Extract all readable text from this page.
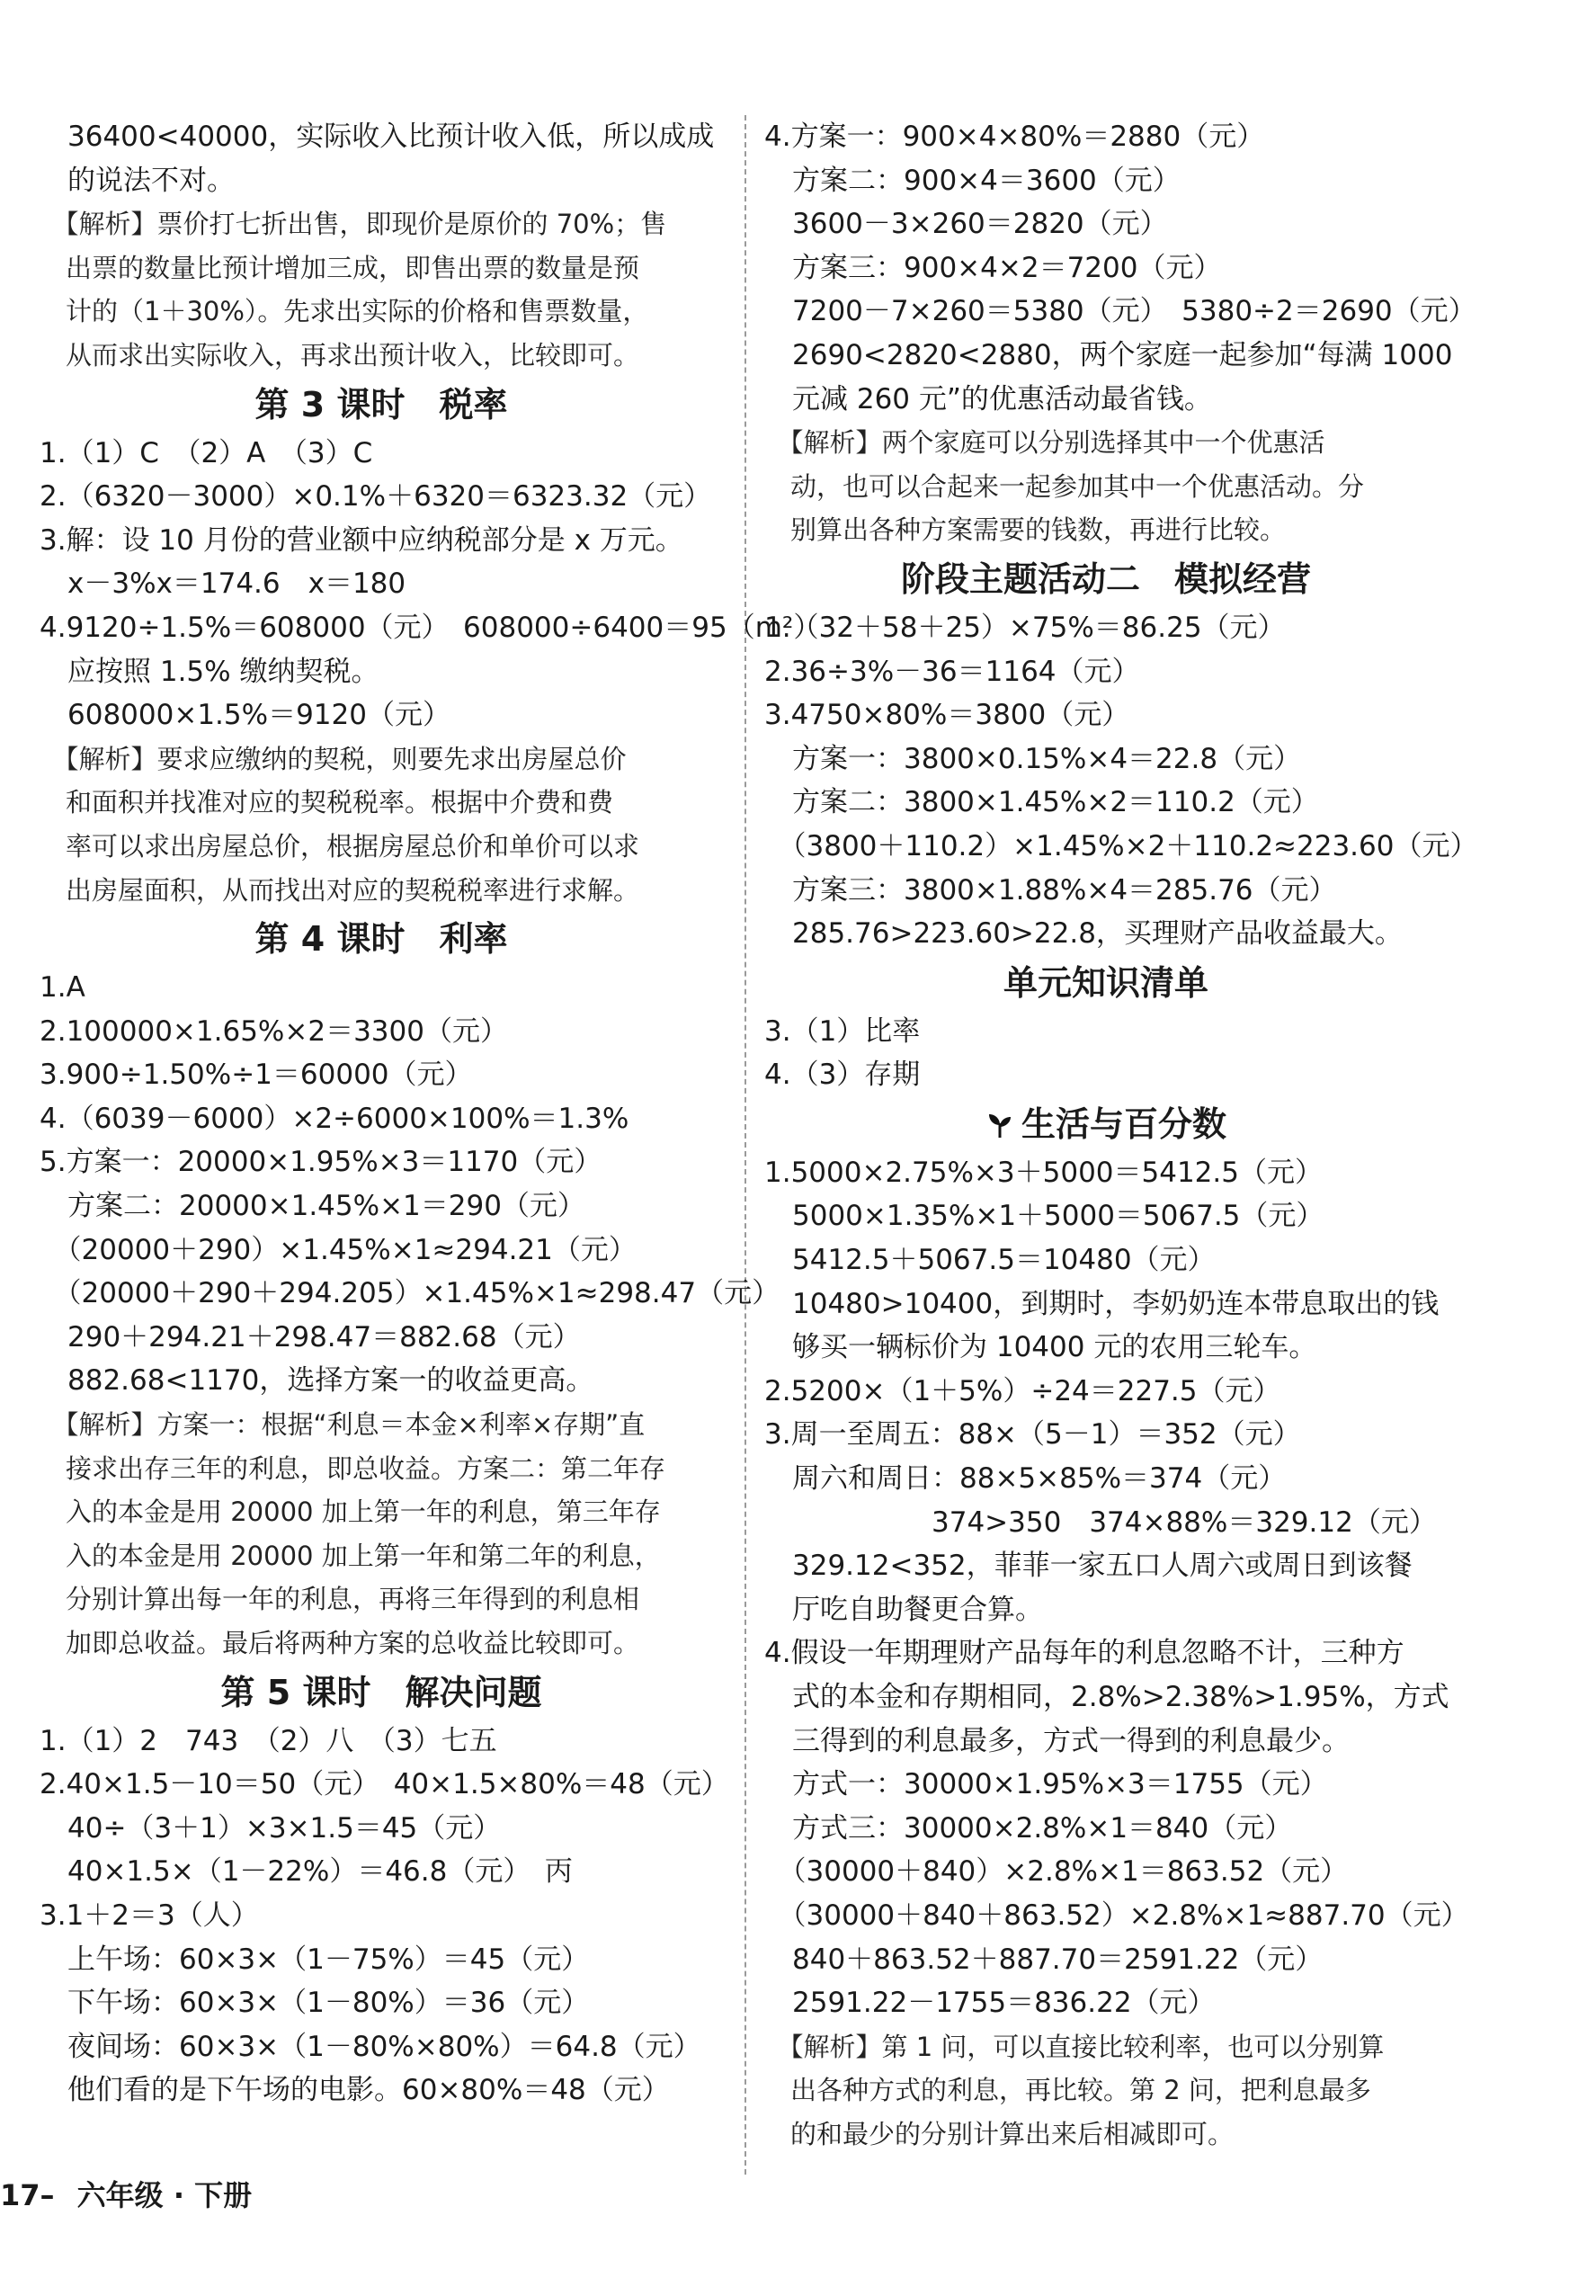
　36400<40000，实际收入比预计收入低，所以成成
　的说法不对。
　【解析】票价打七折出售，即现价是原价的 70%；售
　出票的数量比预计增加三成，即售出票的数量是预
　计的（1＋30%）。先求出实际的价格和售票数量，
　从而求出实际收入，再求出预计收入，比较即可。
第 3 课时　税率
1.（1）C　（2）A　（3）C
2.（6320－3000）×0.1%＋6320＝6323.32（元）
3.解：设 10 月份的营业额中应纳税部分是 x 万元。
　x－3%x＝174.6　x＝180
4.9120÷1.5%＝608000（元）　608000÷6400＝95（m²）
　应按照 1.5% 缴纳契税。
　608000×1.5%＝9120（元）
　【解析】要求应缴纳的契税，则要先求出房屋总价
　和面积并找准对应的契税税率。根据中介费和费
　率可以求出房屋总价，根据房屋总价和单价可以求
　出房屋面积，从而找出对应的契税税率进行求解。
第 4 课时　利率
1.A
2.100000×1.65%×2＝3300（元）
3.900÷1.50%÷1＝60000（元）
4.（6039－6000）×2÷6000×100%＝1.3%
5.方案一：20000×1.95%×3＝1170（元）
　方案二：20000×1.45%×1＝290（元）
　（20000＋290）×1.45%×1≈294.21（元）
　（20000＋290＋294.205）×1.45%×1≈298.47（元）
　290＋294.21＋298.47＝882.68（元）
　882.68<1170，选择方案一的收益更高。
　【解析】方案一：根据“利息＝本金×利率×存期”直
　接求出存三年的利息，即总收益。方案二：第二年存
　入的本金是用 20000 加上第一年的利息，第三年存
　入的本金是用 20000 加上第一年和第二年的利息，
　分别计算出每一年的利息，再将三年得到的利息相
　加即总收益。最后将两种方案的总收益比较即可。
第 5 课时　解决问题
1.（1）2　743　（2）八　（3）七五
2.40×1.5－10＝50（元）　40×1.5×80%＝48（元）
　40÷（3＋1）×3×1.5＝45（元）
　40×1.5×（1－22%）＝46.8（元）　丙
3.1＋2＝3（人）
　上午场：60×3×（1－75%）＝45（元）
　下午场：60×3×（1－80%）＝36（元）
　夜间场：60×3×（1－80%×80%）＝64.8（元）
　他们看的是下午场的电影。60×80%＝48（元）
4.方案一：900×4×80%＝2880（元）
　方案二：900×4＝3600（元）
　3600－3×260＝2820（元）
　方案三：900×4×2＝7200（元）
　7200－7×260＝5380（元）　5380÷2＝2690（元）
　2690<2820<2880，两个家庭一起参加“每满 1000
　元减 260 元”的优惠活动最省钱。
　【解析】两个家庭可以分别选择其中一个优惠活
　动，也可以合起来一起参加其中一个优惠活动。分
　别算出各种方案需要的钱数，再进行比较。
阶段主题活动二　模拟经营
1.（32＋58＋25）×75%＝86.25（元）
2.36÷3%－36＝1164（元）
3.4750×80%＝3800（元）
　方案一：3800×0.15%×4＝22.8（元）
　方案二：3800×1.45%×2＝110.2（元）
　（3800＋110.2）×1.45%×2＋110.2≈223.60（元）
　方案三：3800×1.88%×4＝285.76（元）
　285.76>223.60>22.8，买理财产品收益最大。
单元知识清单
3.（1）比率
4.（3）存期
生活与百分数
1.5000×2.75%×3＋5000＝5412.5（元）
　5000×1.35%×1＋5000＝5067.5（元）
　5412.5＋5067.5＝10480（元）
　10480>10400，到期时，李奶奶连本带息取出的钱
　够买一辆标价为 10400 元的农用三轮车。
2.5200×（1＋5%）÷24＝227.5（元）
3.周一至周五：88×（5－1）＝352（元）
　周六和周日：88×5×85%＝374（元）
　　　　　　374>350　374×88%＝329.12（元）
　329.12<352，菲菲一家五口人周六或周日到该餐
　厅吃自助餐更合算。
4.假设一年期理财产品每年的利息忽略不计，三种方
　式的本金和存期相同，2.8%>2.38%>1.95%，方式
　三得到的利息最多，方式一得到的利息最少。
　方式一：30000×1.95%×3＝1755（元）
　方式三：30000×2.8%×1＝840（元）
　（30000＋840）×2.8%×1＝863.52（元）
　（30000＋840＋863.52）×2.8%×1≈887.70（元）
　840＋863.52＋887.70＝2591.22（元）
　2591.22－1755＝836.22（元）
　【解析】第 1 问，可以直接比较利率，也可以分别算
　出各种方式的利息，再比较。第 2 问，把利息最多
　的和最少的分别计算出来后相减即可。
17– 六年级 · 下册
